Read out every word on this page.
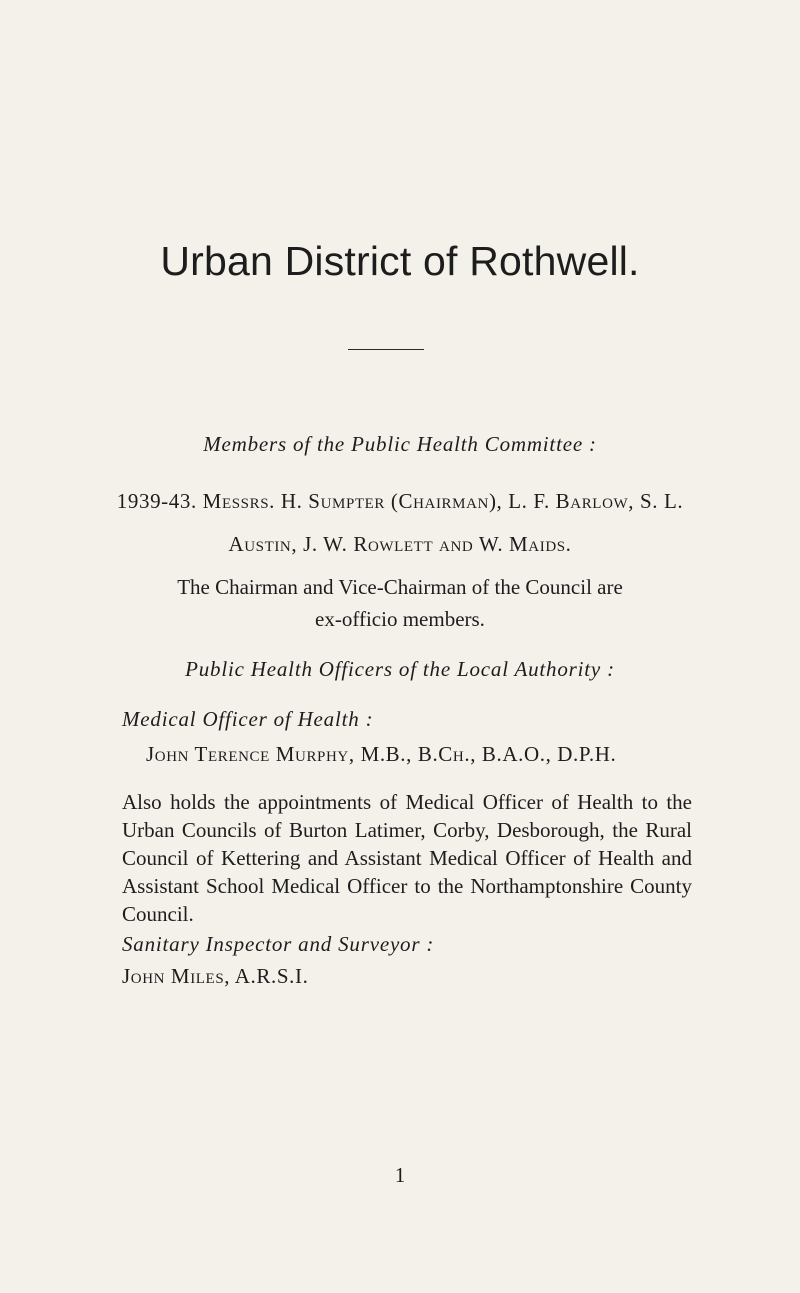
Urban District of Rothwell.
Members of the Public Health Committee :
1939-43. Messrs. H. Sumpter (Chairman), L. F. Barlow, S. L.
Austin, J. W. Rowlett and W. Maids.
The Chairman and Vice-Chairman of the Council are
ex-officio members.
Public Health Officers of the Local Authority :
Medical Officer of Health :
John Terence Murphy, M.B., B.Ch., B.A.O., D.P.H.
Also holds the appointments of Medical Officer of Health to the Urban Councils of Burton Latimer, Corby, Desborough, the Rural Council of Kettering and Assistant Medical Officer of Health and Assistant School Medical Officer to the Northamptonshire County Council.
Sanitary Inspector and Surveyor :
John Miles, A.R.S.I.
1
